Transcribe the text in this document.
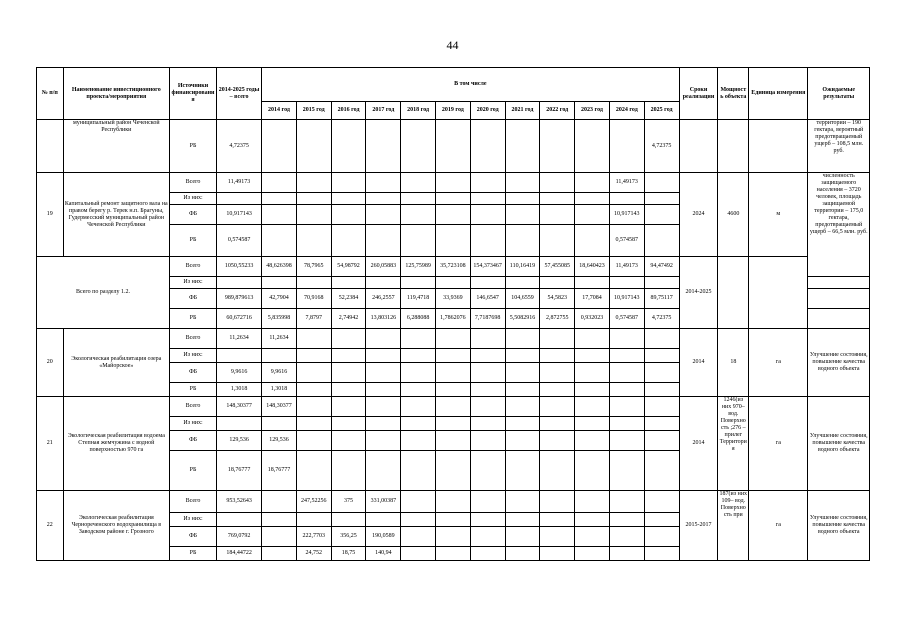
44
№ п/п	Наименование инвестиционного проекта/мероприятия	Источники финансирования	2014-2025 годы – всего	В том числе												Сроки реализации	Мощность объекта	Единица измерения	Ожидаемые результаты
				2014 год	2015 год	2016 год	2017 год	2018 год	2019 год	2020 год	2021 год	2022 год	2023 год	2024 год	2025 год				
	муниципальный район Чеченской Республики	РБ	4,72375												4,72375				территории – 190 гектара, вероятный предотвращаемый ущерб – 108,5 млн. руб.
19	Капитальный ремонт защитного вала на правом берегу р. Терек н.п. Брагуны, Гудермесский муниципальный район Чеченской Республики	Всего	11,49173											11,49173		2024	4600	м	численность защищаемого населения – 3720 человек, площадь защищаемой территории – 175,0 гектара, предотвращаемый ущерб – 66,5 млн. руб.
		Из них:																	
		ФБ	10,917143											10,917143					
		РБ	0,574587											0,574587					
Всего по разделу 1.2.		Всего	1050,55233	48,626398	78,7965	54,98792	260,05883	125,75989	35,723108	154,373467	110,16419	57,455085	18,640423	11,49173	94,47492	2014-2025			
		Из них:																	
		ФБ	989,879613	42,7904	70,9168	52,2384	246,2557	119,4718	33,9369	146,6547	104,6559	54,5823	17,7084	10,917143	89,75117				
		РБ	60,672716	5,835998	7,8797	2,74942	13,803126	6,288088	1,7862076	7,7187698	5,5082916	2,872755	0,932023	0,574587	4,72375				
20	Экологическая реабилитация озера «Майорское»	Всего	11,2634	11,2634												2014	18	га	Улучшение состояния, повышение качества водного объекта
		Из них:																	
		ФБ	9,9616	9,9616															
		РБ	1,3018	1,3018															
21	Экологическая реабилитация водоема Степная жемчужина с водной поверхностью 970 га	Всего	148,30377	148,30377												2014	1246(из них 970– вод. Поверхность ;276 – прилег Территория	га	Улучшение состояния, повышение качества водного объекта
		Из них:																	
		ФБ	129,536	129,536															
		РБ	18,76777	18,76777															
22	Экологическая реабилитация Чернореченского водохранилища в Заводском районе г. Грозного	Всего	953,52643		247,52256	375	331,00387									2015-2017	187(из них 109– вод. Поверхность при	га	Улучшение состояния, повышение качества водного объекта
		Из них:																	
		ФБ	769,0792		222,7703	356,25	190,0589												
		РБ	184,44722		24,752	18,75	140,94												
